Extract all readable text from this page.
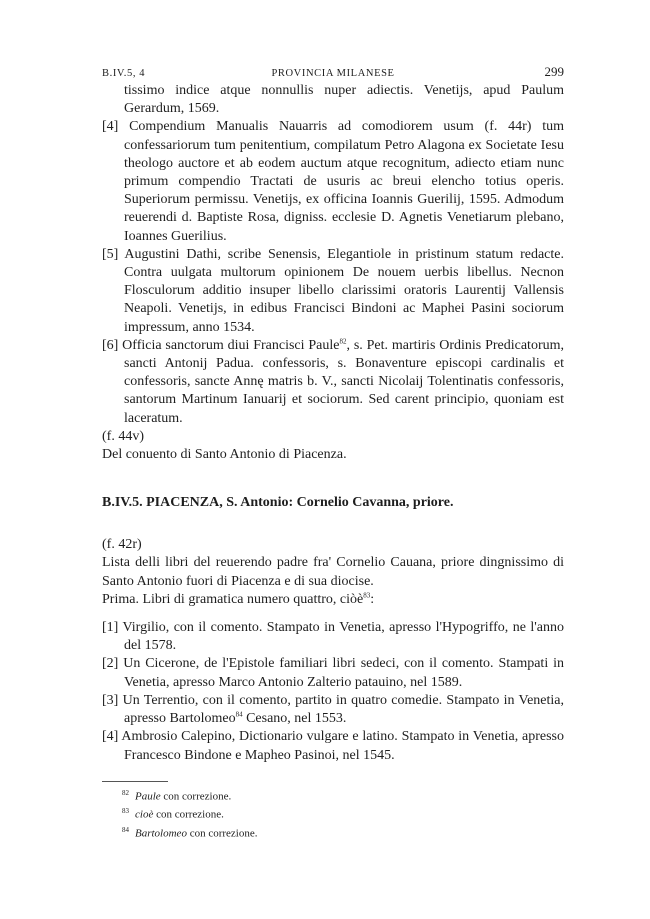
B.IV.5, 4	PROVINCIA MILANESE	299

tissimo indice atque nonnullis nuper adiectis. Venetijs, apud Paulum Gerardum, 1569.

[4] Compendium Manualis Nauarris ad comodiorem usum (f. 44r) tum confessariorum tum penitentium, compilatum Petro Alagona ex Societate Iesu theologo auctore et ab eodem auctum atque recognitum, adiecto etiam nunc primum compendio Tractati de usuris ac breui elencho totius operis. Superiorum permissu. Venetijs, ex officina Ioannis Guerilij, 1595. Admodum reuerendi d. Baptiste Rosa, digniss. ecclesie D. Agnetis Venetiarum plebano, Ioannes Guerilius.

[5] Augustini Dathi, scribe Senensis, Elegantiole in pristinum statum redacte. Contra uulgata multorum opinionem De nouem uerbis libellus. Necnon Flosculorum additio insuper libello clarissimi oratoris Laurentij Vallensis Neapoli. Venetijs, in edibus Francisci Bindoni ac Maphei Pasini sociorum impressum, anno 1534.

[6] Officia sanctorum diui Francisci Paule$^{82}$, s. Pet. martiris Ordinis Predicatorum, sancti Antonij Padua. confessoris, s. Bonaventure episcopi cardinalis et confessoris, sancte Annę matris b. V., sancti Nicolaij Tolentinatis confessoris, santorum Martinum Ianuarij et sociorum. Sed carent principio, quoniam est laceratum.

(f. 44v)

Del conuento di Santo Antonio di Piacenza.

B.IV.5. PIACENZA, S. Antonio: Cornelio Cavanna, priore.

(f. 42r)

Lista delli libri del reuerendo padre fra' Cornelio Cauana, priore dingnissimo di Santo Antonio fuori di Piacenza e di sua diocise.

Prima. Libri di gramatica numero quattro, ciòè$^{83}$:

[1] Virgilio, con il comento. Stampato in Venetia, apresso l'Hypogriffo, ne l'anno del 1578.

[2] Un Cicerone, de l'Epistole familiari libri sedeci, con il comento. Stampati in Venetia, apresso Marco Antonio Zalterio patauino, nel 1589.

[3] Un Terrentio, con il comento, partito in quatro comedie. Stampato in Venetia, apresso Bartolomeo$^{84}$ Cesano, nel 1553.

[4] Ambrosio Calepino, Dictionario vulgare e latino. Stampato in Venetia, apresso Francesco Bindone e Mapheo Pasinoi, nel 1545.

$^{82}$ Paule con correzione.

$^{83}$ cioè con correzione.

$^{84}$ Bartolomeo con correzione.
